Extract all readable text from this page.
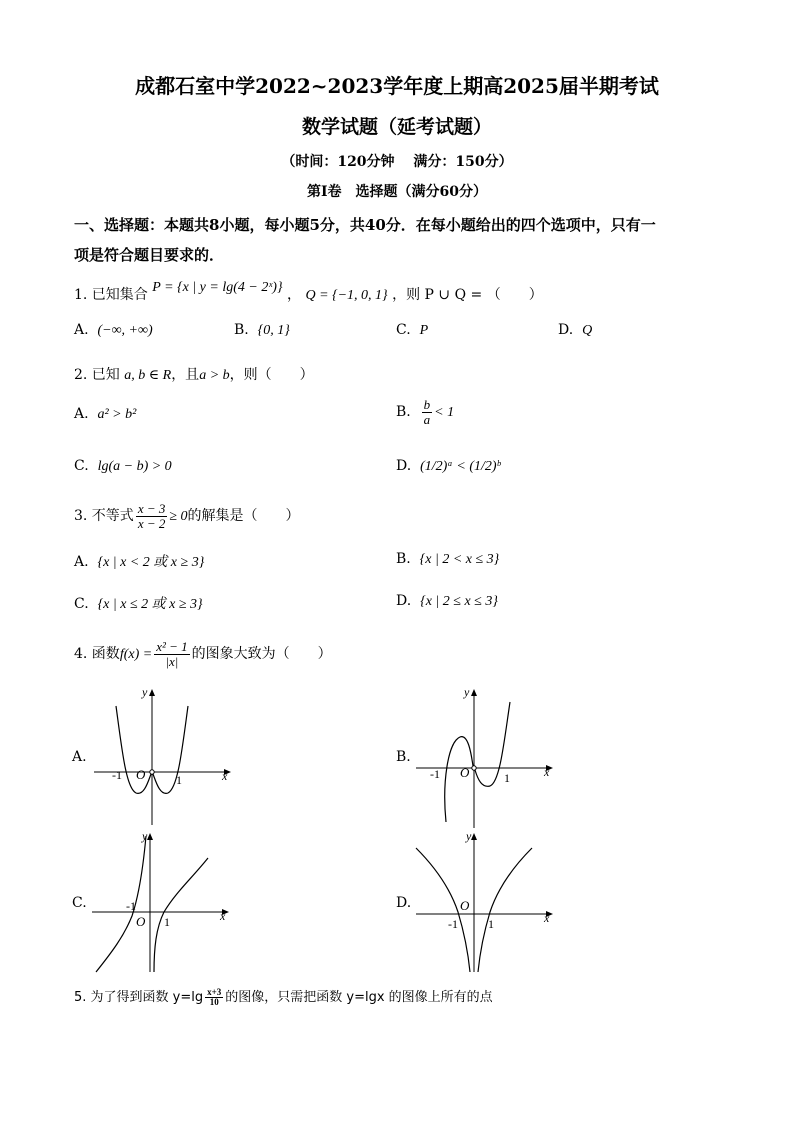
成都石室中学2022~2023学年度上期高2025届半期考试
数学试题（延考试题）
（时间：120分钟　 满分：150分）
第Ⅰ卷　选择题（满分60分）
一、选择题：本题共8小题，每小题5分，共40分．在每小题给出的四个选项中，只有一
项是符合题目要求的．
1. 已知集合 P = {x | y = lg(4 − 2ˣ)} ， Q = {−1, 0, 1} ，则 P ∪ Q = （　　）
A. (−∞, +∞)	B. {0, 1}	C. P	D. Q
2. 已知 a, b ∈ R，且a > b，则（　　）
A. a² > b²	B. $\frac{b}{a} < 1$
C. lg(a − b) > 0	D. (1/2)ᵃ < (1/2)ᵇ
3. 不等式 $\frac{x - 3}{x - 2} \ge 0$的解集是（　　）
A. {x | x < 2 或 x ≥ 3}	B. {x | 2 < x ≤ 3}
C. {x | x ≤ 2 或 x ≥ 3}	D. {x | 2 ≤ x ≤ 3}
4. 函数$f(x) = \frac{\text{x² − 1}}{|x|}$ 的图象大致为（　　）
A.
y
x
O
-1	1
B.
y
x
O
-1	1
C.
y
x
O
-1
1
D.
y
x
O
-1	1
5. 为了得到函数 $y=\lg \frac{x+3}{10}$ 的图像，只需把函数 y=lgx 的图像上所有的点
